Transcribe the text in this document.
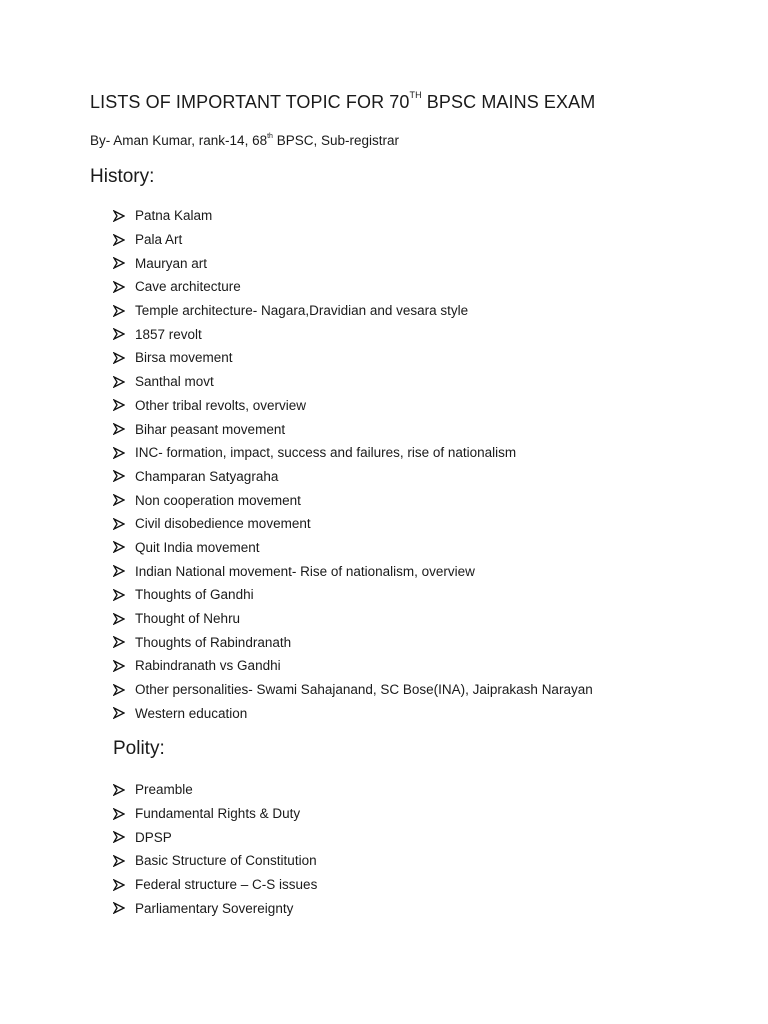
LISTS OF IMPORTANT TOPIC FOR 70TH BPSC MAINS EXAM
By- Aman Kumar, rank-14, 68th BPSC, Sub-registrar
History:
Patna Kalam
Pala Art
Mauryan art
Cave architecture
Temple architecture- Nagara,Dravidian and vesara style
1857 revolt
Birsa movement
Santhal movt
Other tribal revolts, overview
Bihar peasant movement
INC- formation, impact, success and failures, rise of nationalism
Champaran Satyagraha
Non cooperation movement
Civil disobedience movement
Quit India movement
Indian National movement- Rise of nationalism, overview
Thoughts of Gandhi
Thought of Nehru
Thoughts of Rabindranath
Rabindranath vs Gandhi
Other personalities- Swami Sahajanand, SC Bose(INA), Jaiprakash Narayan
Western education
Polity:
Preamble
Fundamental Rights & Duty
DPSP
Basic Structure of Constitution
Federal structure – C-S issues
Parliamentary Sovereignty
